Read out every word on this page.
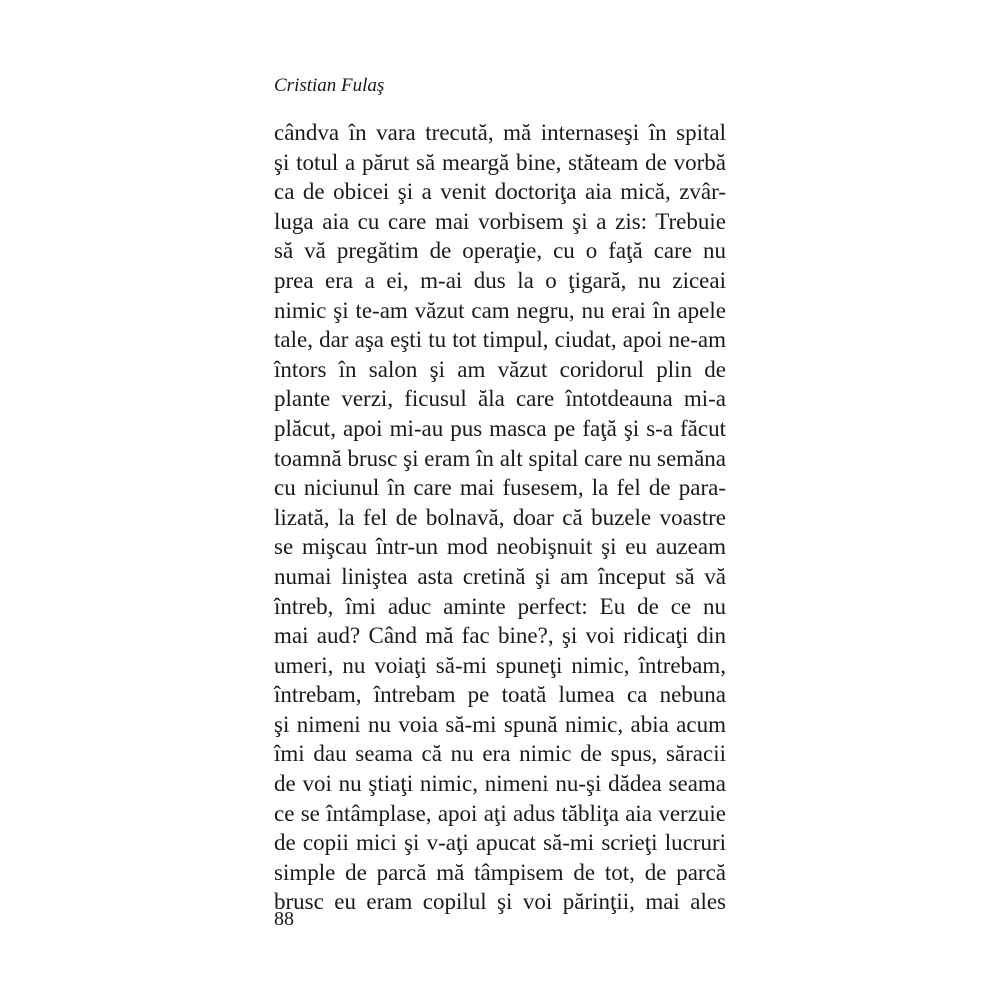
Cristian Fulaş
cândva în vara trecută, mă internaseşi în spital
şi totul a părut să meargă bine, stăteam de vorbă
ca de obicei şi a venit doctoriţa aia mică, zvâr-
luga aia cu care mai vorbisem şi a zis: Trebuie
să vă pregătim de operaţie, cu o faţă care nu
prea era a ei, m-ai dus la o ţigară, nu ziceai
nimic şi te-am văzut cam negru, nu erai în apele
tale, dar aşa eşti tu tot timpul, ciudat, apoi ne-am
întors în salon şi am văzut coridorul plin de
plante verzi, ficusul ăla care întotdeauna mi-a
plăcut, apoi mi-au pus masca pe faţă şi s-a făcut
toamnă brusc şi eram în alt spital care nu semăna
cu niciunul în care mai fusesem, la fel de para-
lizată, la fel de bolnavă, doar că buzele voastre
se mişcau într-un mod neobişnuit şi eu auzeam
numai liniştea asta cretină şi am început să vă
întreb, îmi aduc aminte perfect: Eu de ce nu
mai aud? Când mă fac bine?, şi voi ridicaţi din
umeri, nu voiaţi să-mi spuneţi nimic, întrebam,
întrebam, întrebam pe toată lumea ca nebuna
şi nimeni nu voia să-mi spună nimic, abia acum
îmi dau seama că nu era nimic de spus, săracii
de voi nu ştiaţi nimic, nimeni nu-şi dădea seama
ce se întâmplase, apoi aţi adus tăbliţa aia verzuie
de copii mici şi v-aţi apucat să-mi scrieţi lucruri
simple de parcă mă tâmpisem de tot, de parcă
brusc eu eram copilul şi voi părinţii, mai ales
88
